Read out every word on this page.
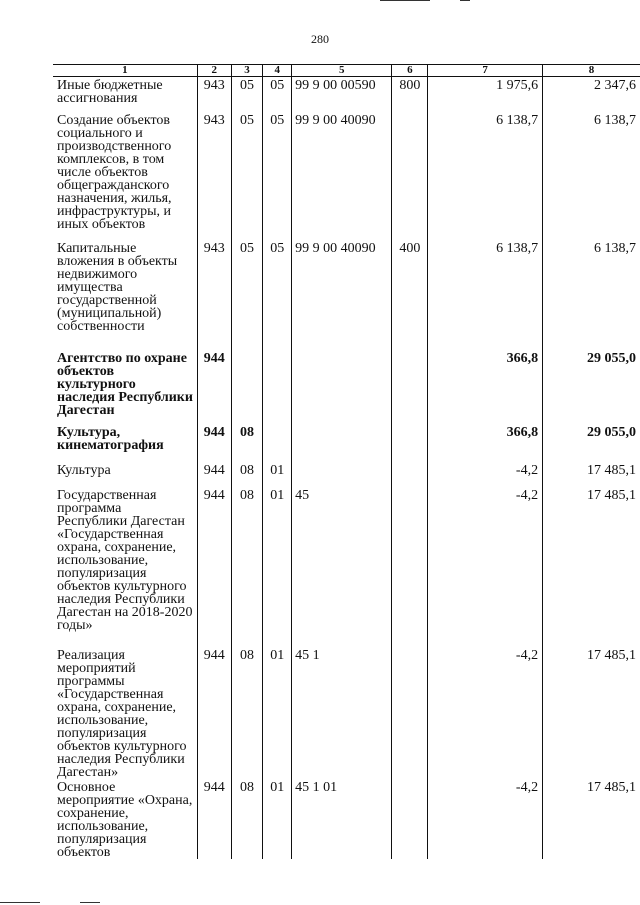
280
1	2	3	4	5	6	7	8
Иные бюджетные ассигнования	943	05	05	99 9 00 00590	800	1 975,6	2 347,6
Создание объектов социального и производственного комплексов, в том числе объектов общегражданского назначения, жилья, инфраструктуры, и иных объектов	943	05	05	99 9 00 40090		6 138,7	6 138,7
Капитальные вложения в объекты недвижимого имущества государственной (муниципальной) собственности	943	05	05	99 9 00 40090	400	6 138,7	6 138,7
Агентство по охране объектов культурного наследия Республики Дагестан	944					366,8	29 055,0
Культура, кинематография	944	08				366,8	29 055,0
Культура	944	08	01			-4,2	17 485,1
Государственная программа Республики Дагестан «Государственная охрана, сохранение, использование, популяризация объектов культурного наследия Республики Дагестан на 2018-2020 годы»	944	08	01	45		-4,2	17 485,1
Реализация мероприятий программы «Государственная охрана, сохранение, использование, популяризация объектов культурного наследия Республики Дагестан»	944	08	01	45 1		-4,2	17 485,1
Основное мероприятие «Охрана, сохранение, использование, популяризация объектов	944	08	01	45 1 01		-4,2	17 485,1
